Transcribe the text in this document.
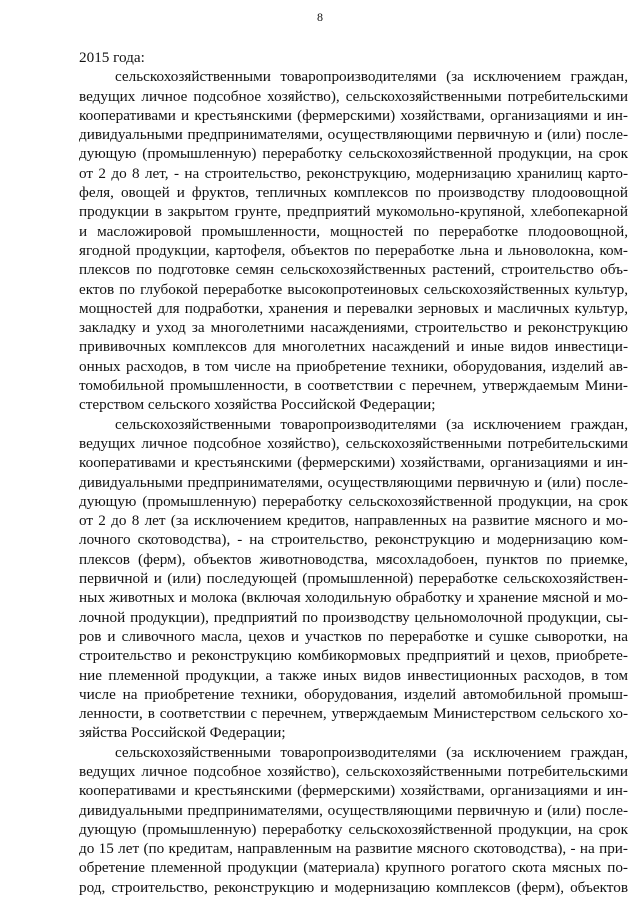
8
2015 года:
сельскохозяйственными товаропроизводителями (за исключением граждан,
ведущих личное подсобное хозяйство), сельскохозяйственными потребительскими
кооперативами и крестьянскими (фермерскими) хозяйствами, организациями и ин-
дивидуальными предпринимателями, осуществляющими первичную и (или) после-
дующую (промышленную) переработку сельскохозяйственной продукции, на срок
от 2 до 8 лет, - на строительство, реконструкцию, модернизацию хранилищ карто-
феля, овощей и фруктов, тепличных комплексов по производству плодоовощной
продукции в закрытом грунте, предприятий мукомольно-крупяной, хлебопекарной
и масложировой промышленности, мощностей по переработке плодоовощной,
ягодной продукции, картофеля, объектов по переработке льна и льноволокна, ком-
плексов по подготовке семян сельскохозяйственных растений, строительство объ-
ектов по глубокой переработке высокопротеиновых сельскохозяйственных культур,
мощностей для подработки, хранения и перевалки зерновых и масличных культур,
закладку и уход за многолетними насаждениями, строительство и реконструкцию
прививочных комплексов для многолетних насаждений и иные видов инвестици-
онных расходов, в том числе на приобретение техники, оборудования, изделий ав-
томобильной промышленности, в соответствии с перечнем, утверждаемым Мини-
стерством сельского хозяйства Российской Федерации;
сельскохозяйственными товаропроизводителями (за исключением граждан,
ведущих личное подсобное хозяйство), сельскохозяйственными потребительскими
кооперативами и крестьянскими (фермерскими) хозяйствами, организациями и ин-
дивидуальными предпринимателями, осуществляющими первичную и (или) после-
дующую (промышленную) переработку сельскохозяйственной продукции, на срок
от 2 до 8 лет (за исключением кредитов, направленных на развитие мясного и мо-
лочного скотоводства), - на строительство, реконструкцию и модернизацию ком-
плексов (ферм), объектов животноводства, мясохладобоен, пунктов по приемке,
первичной и (или) последующей (промышленной) переработке сельскохозяйствен-
ных животных и молока (включая холодильную обработку и хранение мясной и мо-
лочной продукции), предприятий по производству цельномолочной продукции, сы-
ров и сливочного масла, цехов и участков по переработке и сушке сыворотки, на
строительство и реконструкцию комбикормовых предприятий и цехов, приобрете-
ние племенной продукции, а также иных видов инвестиционных расходов, в том
числе на приобретение техники, оборудования, изделий автомобильной промыш-
ленности, в соответствии с перечнем, утверждаемым Министерством сельского хо-
зяйства Российской Федерации;
сельскохозяйственными товаропроизводителями (за исключением граждан,
ведущих личное подсобное хозяйство), сельскохозяйственными потребительскими
кооперативами и крестьянскими (фермерскими) хозяйствами, организациями и ин-
дивидуальными предпринимателями, осуществляющими первичную и (или) после-
дующую (промышленную) переработку сельскохозяйственной продукции, на срок
до 15 лет (по кредитам, направленным на развитие мясного скотоводства), - на при-
обретение племенной продукции (материала) крупного рогатого скота мясных по-
род, строительство, реконструкцию и модернизацию комплексов (ферм), объектов
